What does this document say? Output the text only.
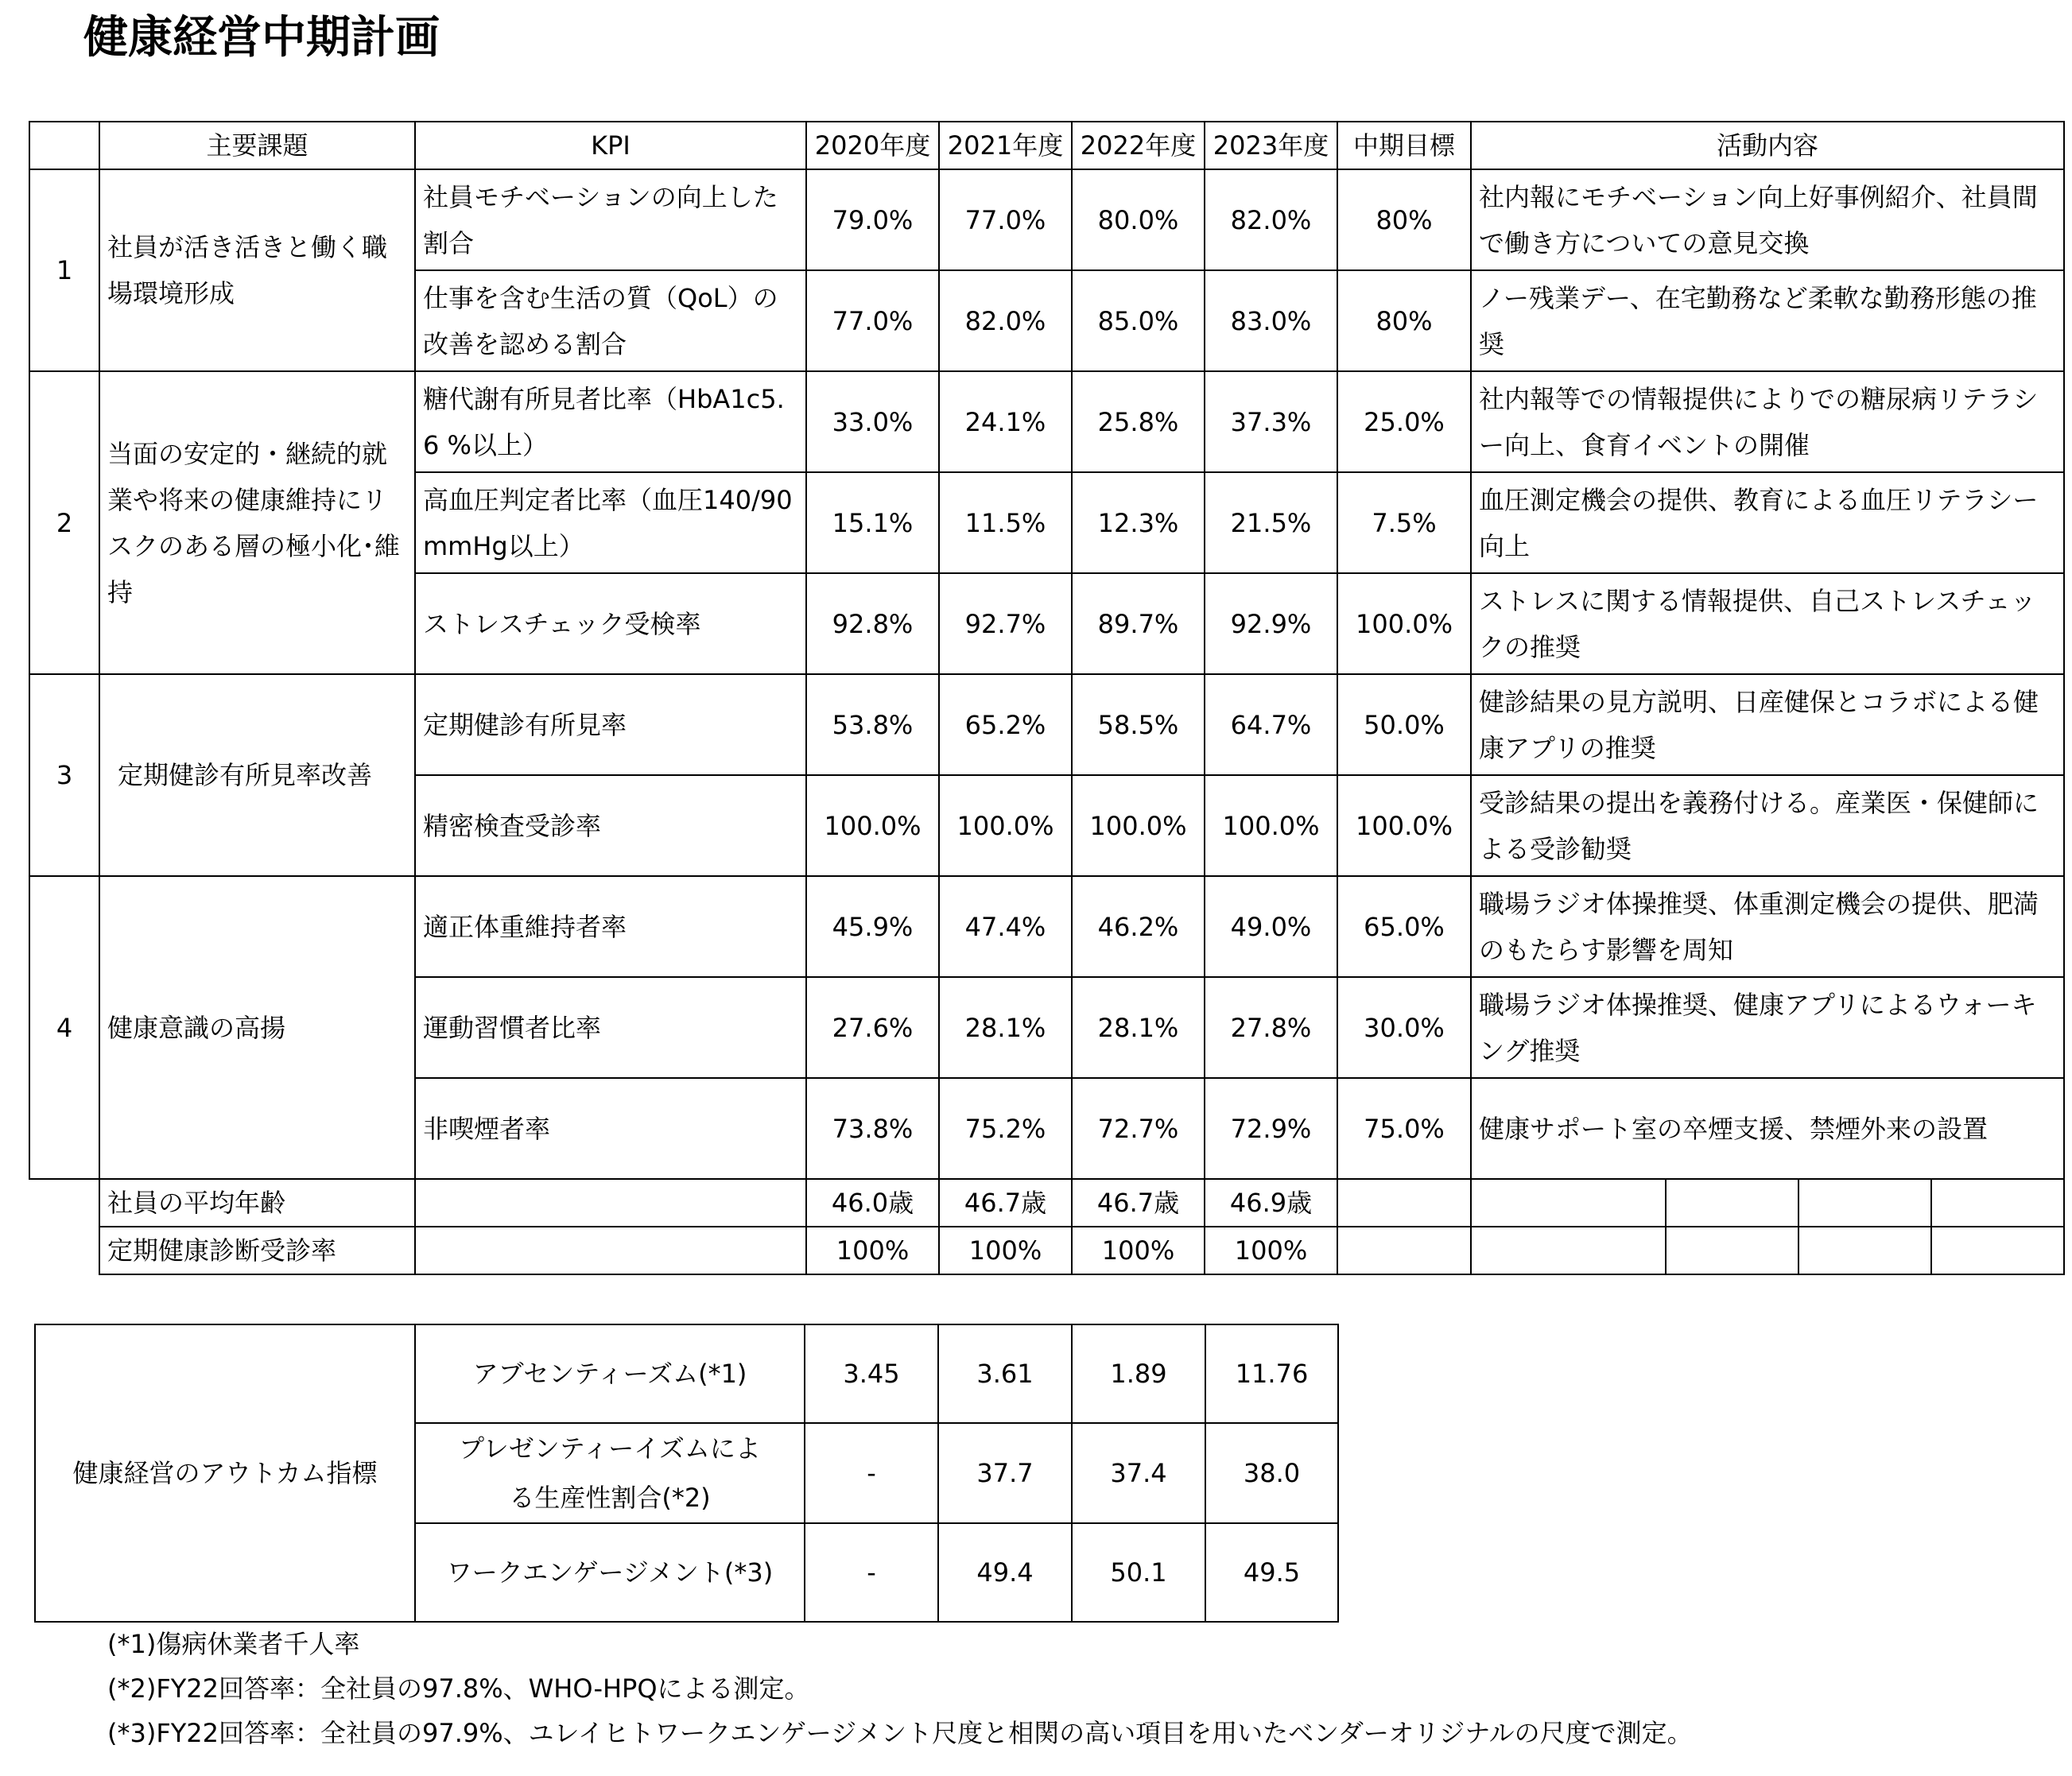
健康経営中期計画
	主要課題	KPI	2020年度	2021年度	2022年度	2023年度	中期目標	活動内容			
1	社員が活き活きと働く職場環境形成	社員モチベーションの向上した割合	79.0%	77.0%	80.0%	82.0%	80%	社内報にモチベーション向上好事例紹介、社員間で働き方についての意見交換			
		仕事を含む生活の質（QoL）の改善を認める割合	77.0%	82.0%	85.0%	83.0%	80%	ノー残業デー、在宅勤務など柔軟な勤務形態の推奨			
2	当面の安定的・継続的就業や将来の健康維持にリスクのある層の極小化･維持	糖代謝有所見者比率（HbA1c5.6 %以上）	33.0%	24.1%	25.8%	37.3%	25.0%	社内報等での情報提供によりでの糖尿病リテラシー向上、食育イベントの開催			
		高血圧判定者比率（血圧140/90mmHg以上）	15.1%	11.5%	12.3%	21.5%	7.5%	血圧測定機会の提供、教育による血圧リテラシー向上			
		ストレスチェック受検率	92.8%	92.7%	89.7%	92.9%	100.0%	ストレスに関する情報提供、自己ストレスチェックの推奨			
3	定期健診有所見率改善	定期健診有所見率	53.8%	65.2%	58.5%	64.7%	50.0%	健診結果の見方説明、日産健保とコラボによる健康アプリの推奨			
		精密検査受診率	100.0%	100.0%	100.0%	100.0%	100.0%	受診結果の提出を義務付ける。産業医・保健師による受診勧奨			
4	健康意識の高揚	適正体重維持者率	45.9%	47.4%	46.2%	49.0%	65.0%	職場ラジオ体操推奨、体重測定機会の提供、肥満のもたらす影響を周知			
		運動習慣者比率	27.6%	28.1%	28.1%	27.8%	30.0%	職場ラジオ体操推奨、健康アプリによるウォーキング推奨			
		非喫煙者率	73.8%	75.2%	72.7%	72.9%	75.0%	健康サポート室の卒煙支援、禁煙外来の設置			
	社員の平均年齢		46.0歳	46.7歳	46.7歳	46.9歳					
	定期健康診断受診率		100%	100%	100%	100%					
健康経営のアウトカム指標	アブセンティーズム(*1)	3.45	3.61	1.89	11.76
	プレゼンティーイズムによる生産性割合(*2)	-	37.7	37.4	38.0
	ワークエンゲージメント(*3)	-	49.4	50.1	49.5

(*1)傷病休業者千人率

(*2)FY22回答率：全社員の97.8%、WHO-HPQによる測定。

(*3)FY22回答率：全社員の97.9%、ユレイヒトワークエンゲージメント尺度と相関の高い項目を用いたベンダーオリジナルの尺度で測定。
